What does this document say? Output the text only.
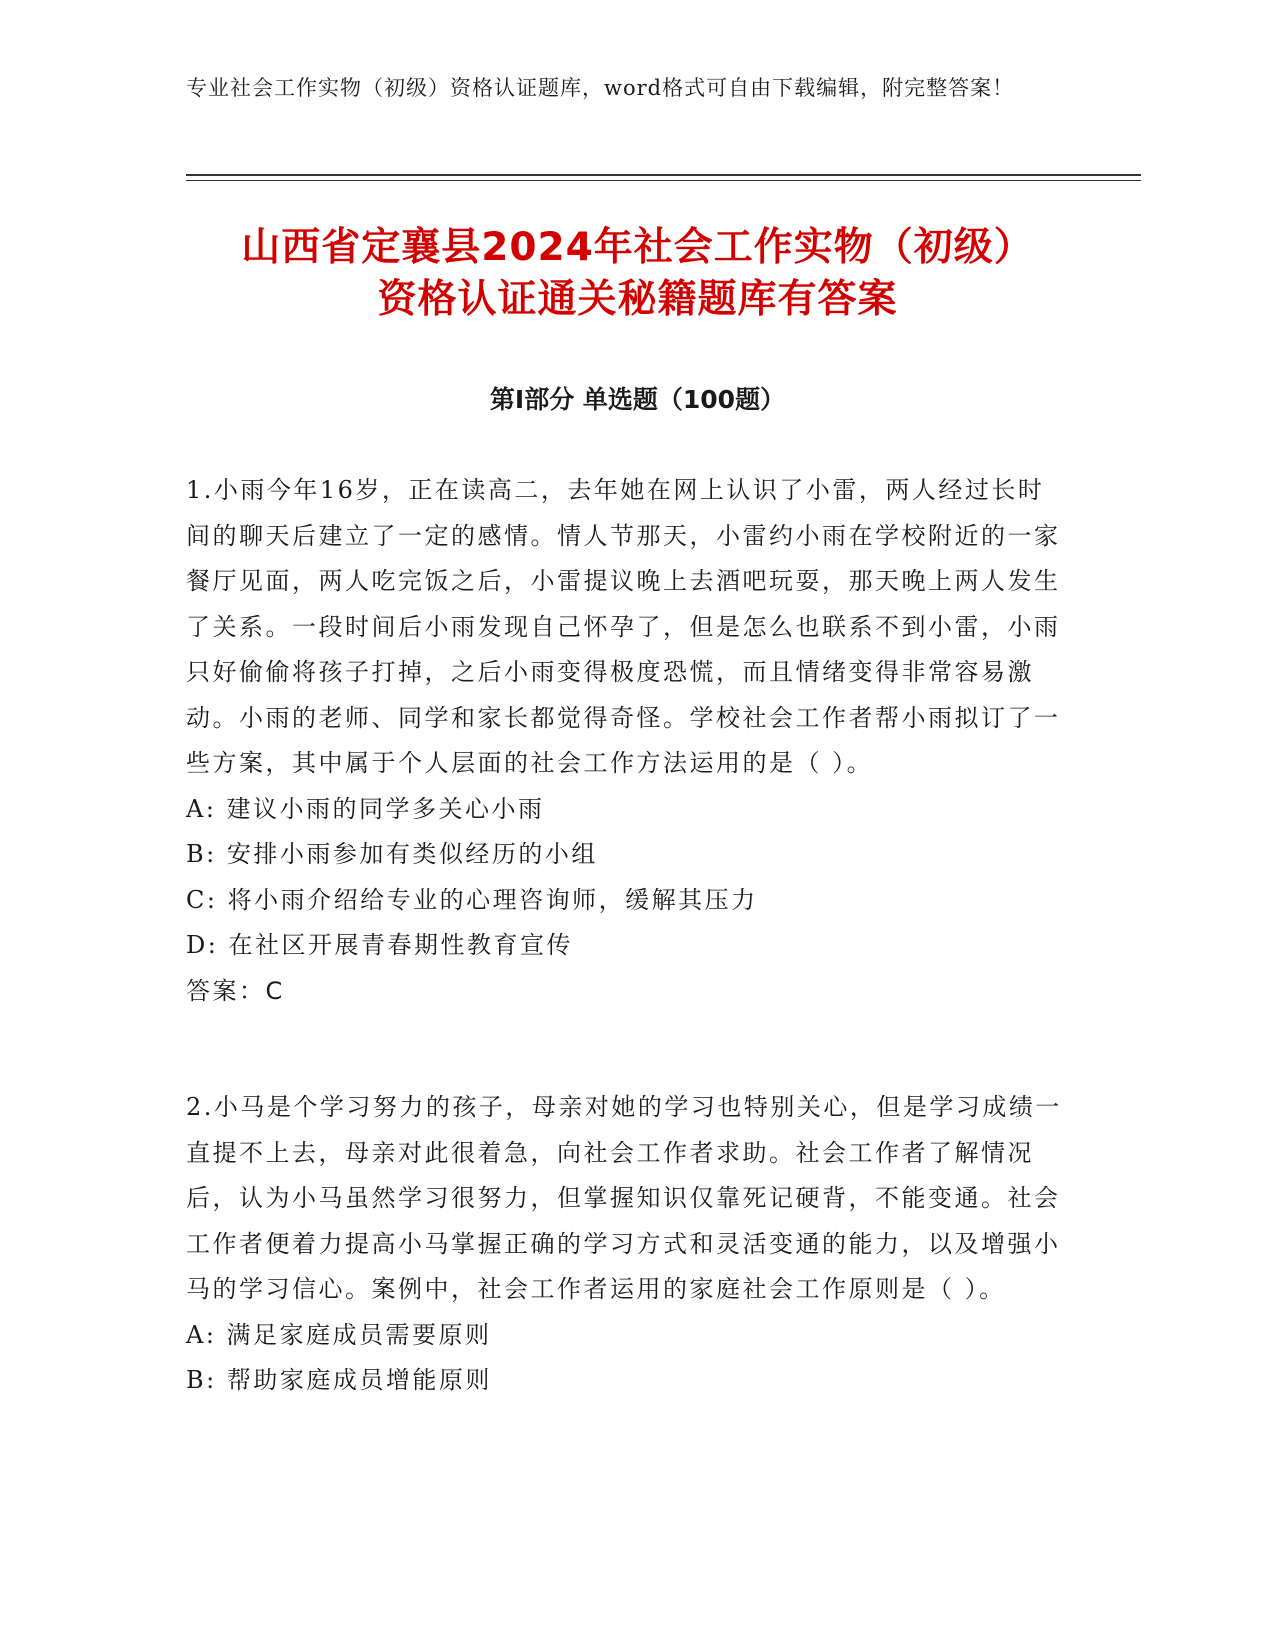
专业社会工作实物（初级）资格认证题库，word格式可自由下载编辑，附完整答案！
山西省定襄县2024年社会工作实物（初级）
资格认证通关秘籍题库有答案
第Ⅰ部分 单选题（100题）

1.小雨今年16岁，正在读高二，去年她在网上认识了小雷，两人经过长时间的聊天后建立了一定的感情。情人节那天，小雷约小雨在学校附近的一家餐厅见面，两人吃完饭之后，小雷提议晚上去酒吧玩耍，那天晚上两人发生了关系。一段时间后小雨发现自己怀孕了，但是怎么也联系不到小雷，小雨只好偷偷将孩子打掉，之后小雨变得极度恐慌，而且情绪变得非常容易激动。小雨的老师、同学和家长都觉得奇怪。学校社会工作者帮小雨拟订了一些方案，其中属于个人层面的社会工作方法运用的是（ ）。

A: 建议小雨的同学多关心小雨

B: 安排小雨参加有类似经历的小组

C: 将小雨介绍给专业的心理咨询师，缓解其压力

D: 在社区开展青春期性教育宣传

答案：C

2.小马是个学习努力的孩子，母亲对她的学习也特别关心，但是学习成绩一直提不上去，母亲对此很着急，向社会工作者求助。社会工作者了解情况后，认为小马虽然学习很努力，但掌握知识仅靠死记硬背，不能变通。社会工作者便着力提高小马掌握正确的学习方式和灵活变通的能力，以及增强小马的学习信心。案例中，社会工作者运用的家庭社会工作原则是（ ）。

A: 满足家庭成员需要原则

B: 帮助家庭成员增能原则
